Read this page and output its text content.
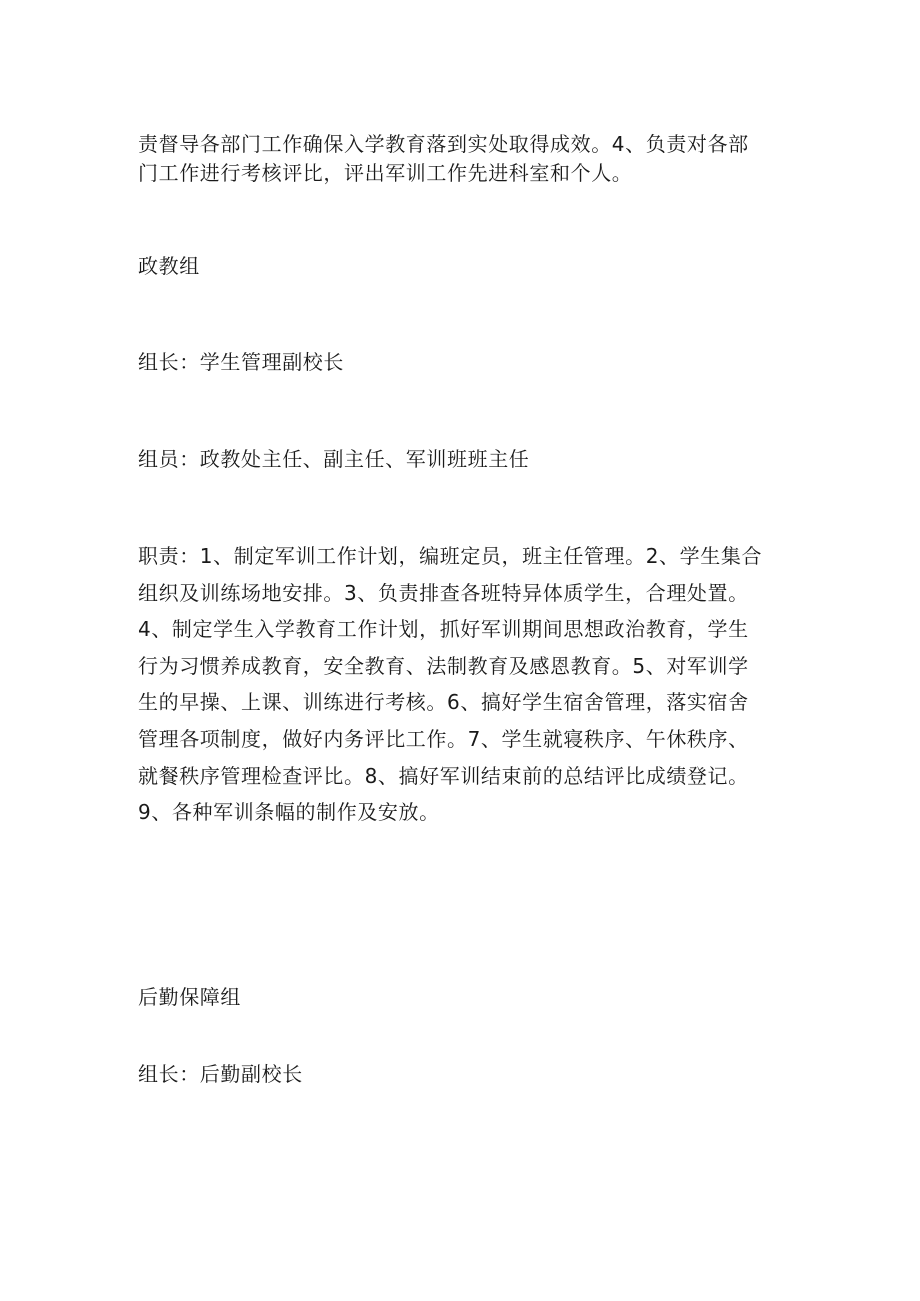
责督导各部门工作确保入学教育落到实处取得成效。4、负责对各部
门工作进行考核评比，评出军训工作先进科室和个人。

政教组

组长：学生管理副校长

组员：政教处主任、副主任、军训班班主任

职责：1、制定军训工作计划，编班定员，班主任管理。2、学生集合
组织及训练场地安排。3、负责排查各班特异体质学生，合理处置。
4、制定学生入学教育工作计划，抓好军训期间思想政治教育，学生
行为习惯养成教育，安全教育、法制教育及感恩教育。5、对军训学
生的早操、上课、训练进行考核。6、搞好学生宿舍管理，落实宿舍
管理各项制度，做好内务评比工作。7、学生就寝秩序、午休秩序、
就餐秩序管理检查评比。8、搞好军训结束前的总结评比成绩登记。
9、各种军训条幅的制作及安放。

后勤保障组

组长：后勤副校长
